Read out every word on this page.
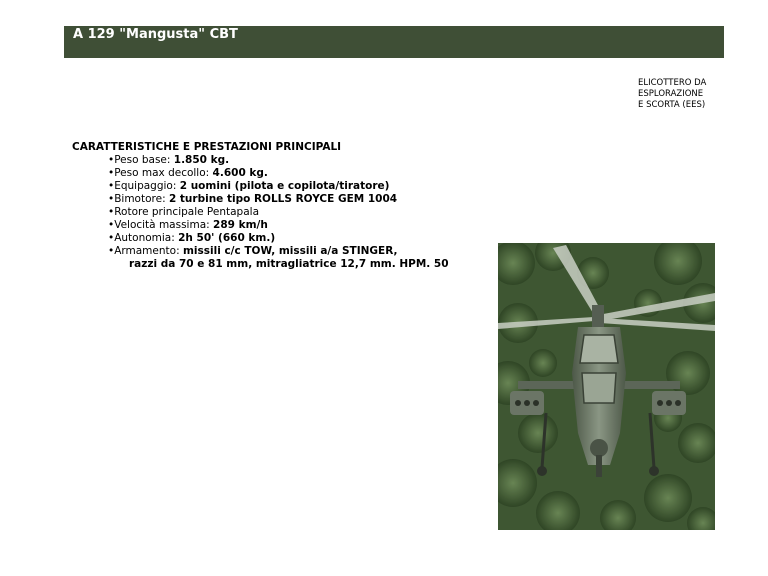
A 129 "Mangusta" CBT
ELICOTTERO DA
ESPLORAZIONE
E SCORTA (EES)
CARATTERISTICHE E PRESTAZIONI PRINCIPALI
•Peso base: 1.850 kg.
•Peso max decollo: 4.600 kg.
•Equipaggio: 2 uomini (pilota e copilota/tiratore)
•Bimotore: 2 turbine tipo ROLLS ROYCE GEM 1004
•Rotore principale Pentapala
•Velocità massima: 289 km/h
•Autonomia: 2h 50' (660 km.)
•Armamento: missili c/c TOW, missili a/a STINGER,
razzi da 70 e 81 mm, mitragliatrice 12,7 mm. HPM. 50
